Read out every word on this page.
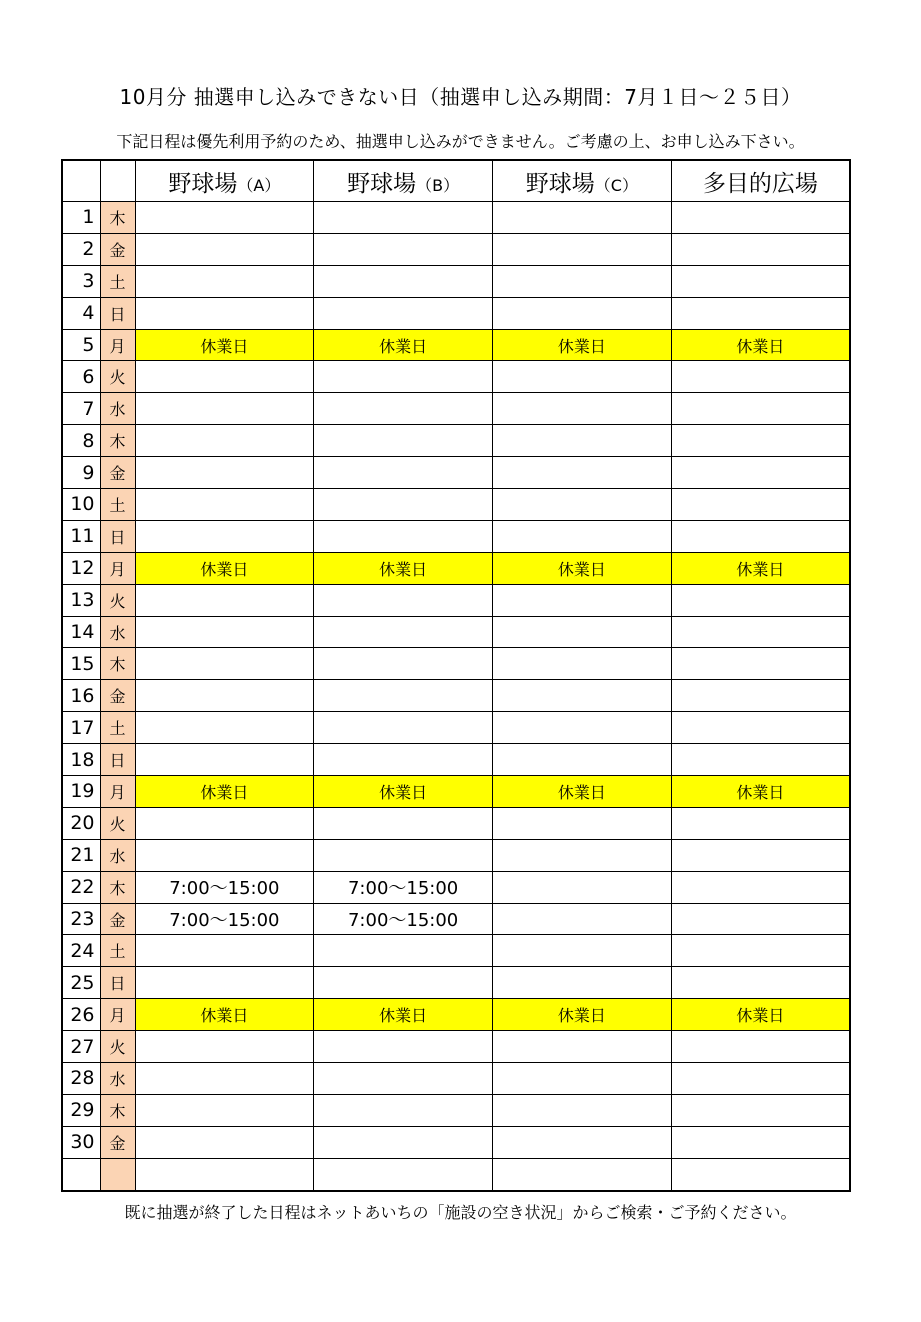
10月分 抽選申し込みできない日（抽選申し込み期間：7月１日～２５日）
下記日程は優先利用予約のため、抽選申し込みができません。ご考慮の上、お申し込み下さい。
		野球場（A）	野球場（B）	野球場（C）	多目的広場
1	木				
2	金				
3	土				
4	日				
5	月	休業日	休業日	休業日	休業日
6	火				
7	水				
8	木				
9	金				
10	土				
11	日				
12	月	休業日	休業日	休業日	休業日
13	火				
14	水				
15	木				
16	金				
17	土				
18	日				
19	月	休業日	休業日	休業日	休業日
20	火				
21	水				
22	木	7:00～15:00	7:00～15:00		
23	金	7:00～15:00	7:00～15:00		
24	土				
25	日				
26	月	休業日	休業日	休業日	休業日
27	火				
28	水				
29	木				
30	金				

既に抽選が終了した日程はネットあいちの「施設の空き状況」からご検索・ご予約ください。
